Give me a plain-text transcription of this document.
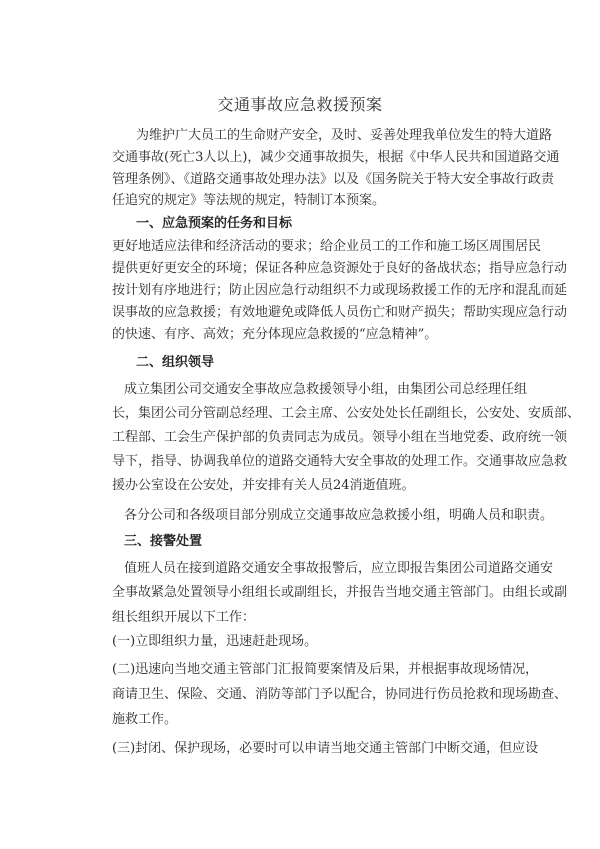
交通事故应急救援预案
为维护广大员工的生命财产安全，及时、妥善处理我单位发生的特大道路
交通事故(死亡3人以上)，减少交通事故损失，根据《中华人民共和国道路交通
管理条例》、《道路交通事故处理办法》以及《国务院关于特大安全事故行政责
任追究的规定》等法规的规定，特制订本预案。
一、应急预案的任务和目标
更好地适应法律和经济活动的要求；给企业员工的工作和施工场区周围居民
提供更好更安全的环境；保证各种应急资源处于良好的备战状态；指导应急行动
按计划有序地进行；防止因应急行动组织不力或现场救援工作的无序和混乱而延
误事故的应急救援；有效地避免或降低人员伤亡和财产损失；帮助实现应急行动
的快速、有序、高效；充分体现应急救援的“应急精神”。
二、组织领导
成立集团公司交通安全事故应急救援领导小组，由集团公司总经理任组
长，集团公司分管副总经理、工会主席、公安处处长任副组长，公安处、安质部、
工程部、工会生产保护部的负责同志为成员。领导小组在当地党委、政府统一领
导下，指导、协调我单位的道路交通特大安全事故的处理工作。交通事故应急救
援办公室设在公安处，并安排有关人员24消逝值班。
各分公司和各级项目部分别成立交通事故应急救援小组，明确人员和职责。
三、接警处置
值班人员在接到道路交通安全事故报警后，应立即报告集团公司道路交通安
全事故紧急处置领导小组组长或副组长，并报告当地交通主管部门。由组长或副
组长组织开展以下工作：
(一)立即组织力量，迅速赶赴现场。
(二)迅速向当地交通主管部门汇报简要案情及后果，并根据事故现场情况，
商请卫生、保险、交通、消防等部门予以配合，协同进行伤员抢救和现场勘查、
施救工作。
(三)封闭、保护现场，必要时可以申请当地交通主管部门中断交通，但应设
